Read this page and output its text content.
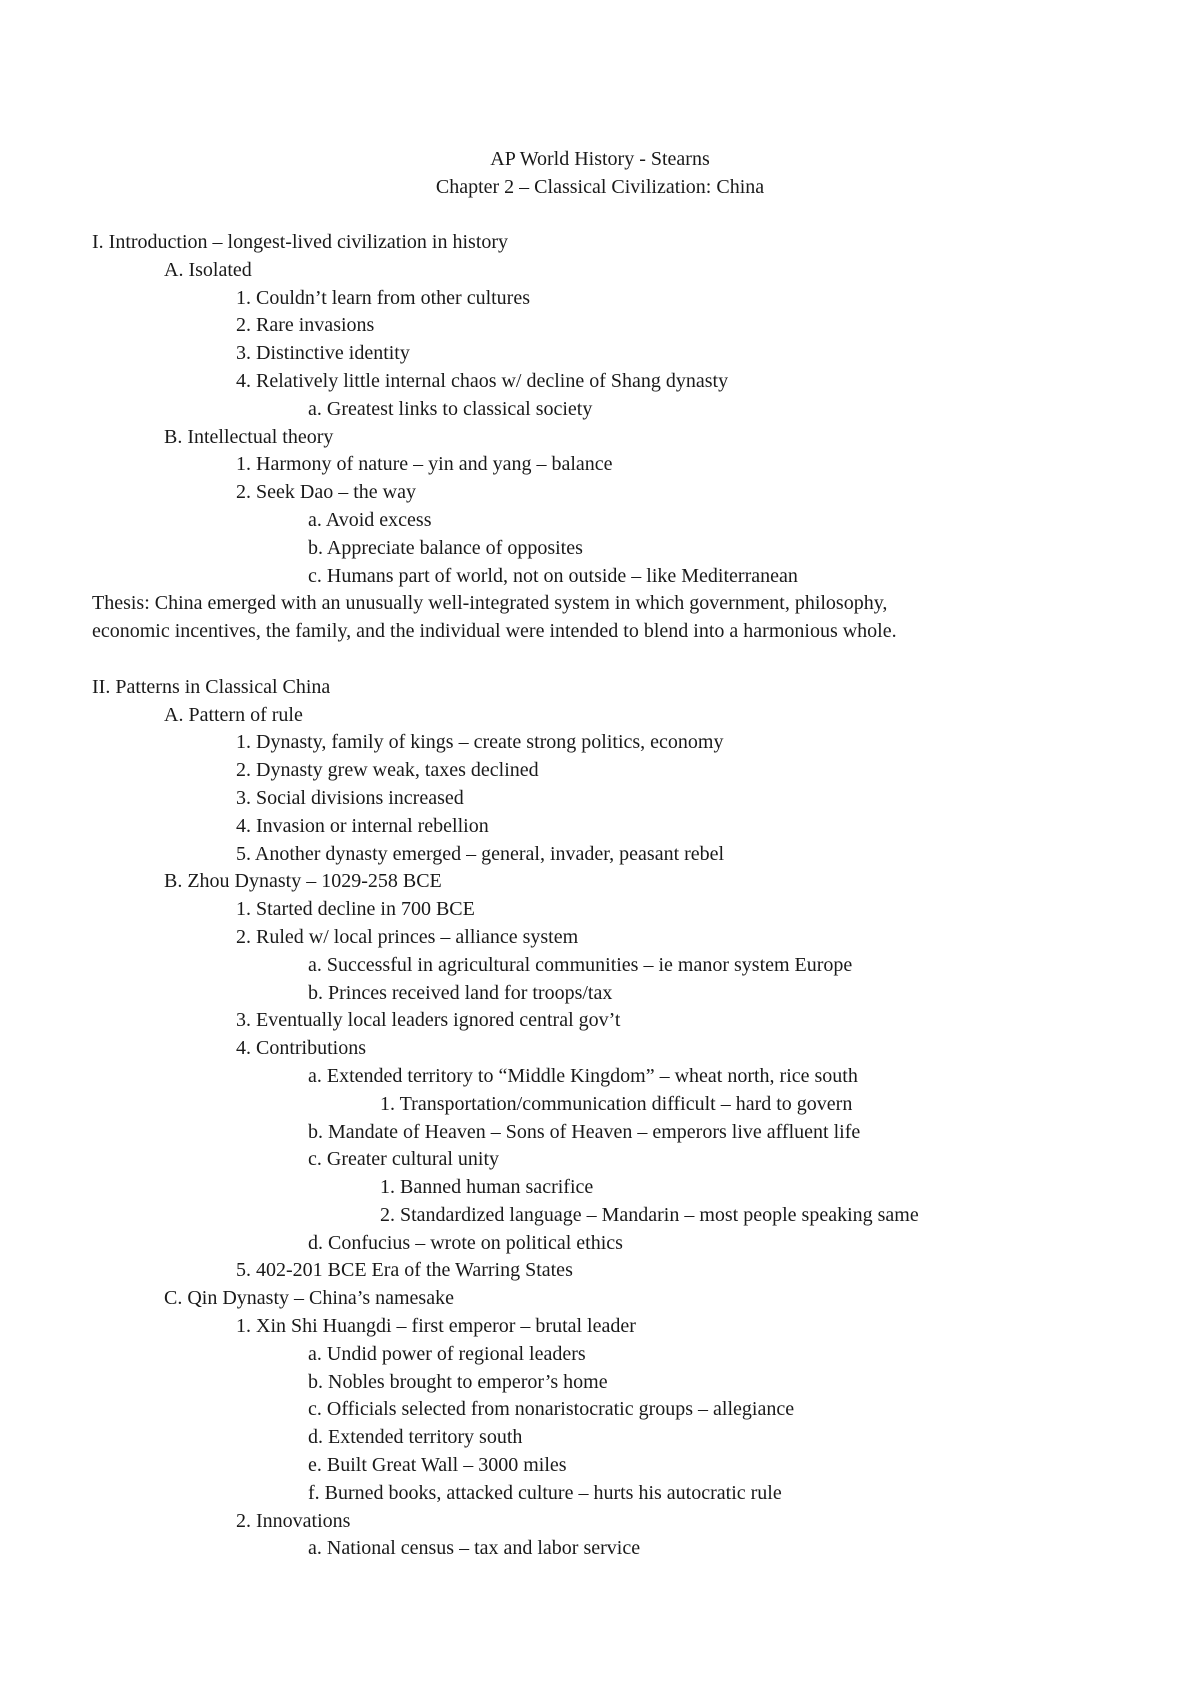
AP World History - Stearns
Chapter 2 – Classical Civilization: China
I. Introduction – longest-lived civilization in history
A. Isolated
1. Couldn’t learn from other cultures
2. Rare invasions
3. Distinctive identity
4. Relatively little internal chaos w/ decline of Shang dynasty
a. Greatest links to classical society
B. Intellectual theory
1. Harmony of nature – yin and yang – balance
2. Seek Dao – the way
a. Avoid excess
b. Appreciate balance of opposites
c. Humans part of world, not on outside – like Mediterranean
Thesis: China emerged with an unusually well-integrated system in which government, philosophy,
economic incentives, the family, and the individual were intended to blend into a harmonious whole.
II. Patterns in Classical China
A. Pattern of rule
1. Dynasty, family of kings – create strong politics, economy
2. Dynasty grew weak, taxes declined
3. Social divisions increased
4. Invasion or internal rebellion
5. Another dynasty emerged – general, invader, peasant rebel
B. Zhou Dynasty – 1029-258 BCE
1. Started decline in 700 BCE
2. Ruled w/ local princes – alliance system
a. Successful in agricultural communities – ie manor system Europe
b. Princes received land for troops/tax
3. Eventually local leaders ignored central gov’t
4. Contributions
a. Extended territory to “Middle Kingdom” – wheat north, rice south
1. Transportation/communication difficult – hard to govern
b. Mandate of Heaven – Sons of Heaven – emperors live affluent life
c. Greater cultural unity
1. Banned human sacrifice
2. Standardized language – Mandarin – most people speaking same
d. Confucius – wrote on political ethics
5. 402-201 BCE Era of the Warring States
C. Qin Dynasty – China’s namesake
1. Xin Shi Huangdi – first emperor – brutal leader
a. Undid power of regional leaders
b. Nobles brought to emperor’s home
c. Officials selected from nonaristocratic groups – allegiance
d. Extended territory south
e. Built Great Wall – 3000 miles
f. Burned books, attacked culture – hurts his autocratic rule
2. Innovations
a. National census – tax and labor service
